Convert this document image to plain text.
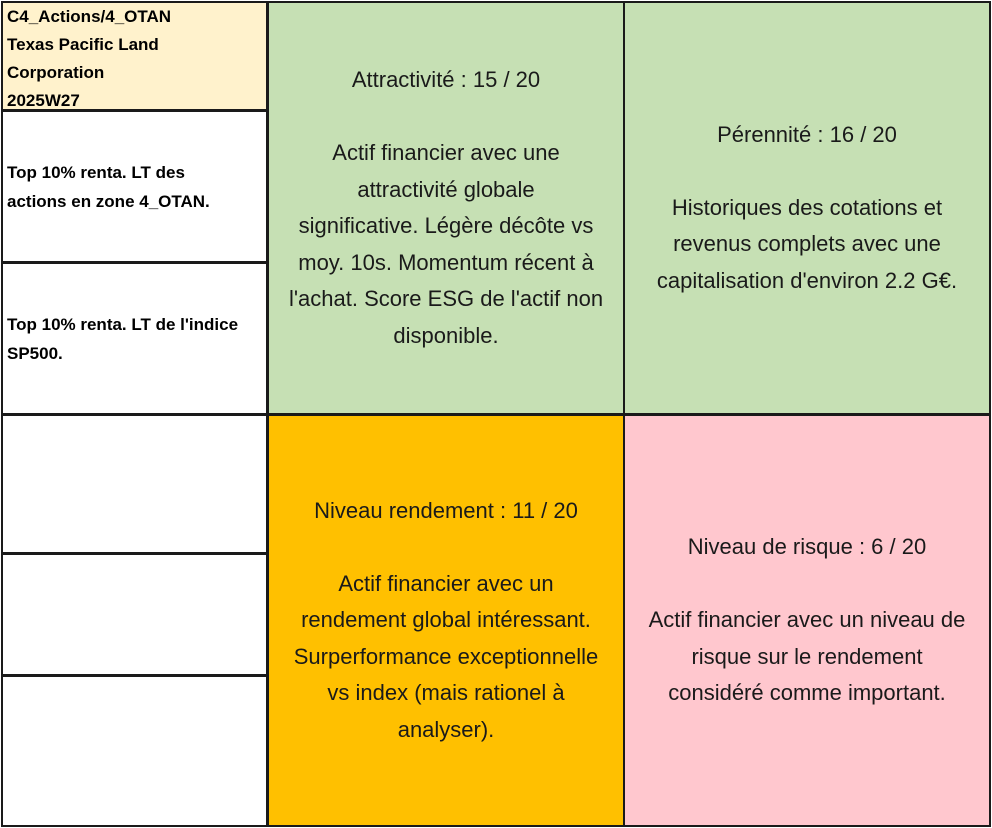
C4_Actions/4_OTAN
Texas Pacific Land
Corporation
2025W27
Top 10% renta. LT des
actions en zone 4_OTAN.
Top 10% renta. LT de l'indice
SP500.
Attractivité : 15 / 20
Actif financier avec une
attractivité globale
significative. Légère décôte vs
moy. 10s. Momentum récent à
l'achat. Score ESG de l'actif non
disponible.
Pérennité : 16 / 20
Historiques des cotations et
revenus complets avec une
capitalisation d'environ 2.2 G€.
Niveau rendement : 11 / 20
Actif financier avec un
rendement global intéressant.
Surperformance exceptionnelle
vs index (mais rationel à
analyser).
Niveau de risque : 6 / 20
Actif financier avec un niveau de
risque sur le rendement
considéré comme important.
